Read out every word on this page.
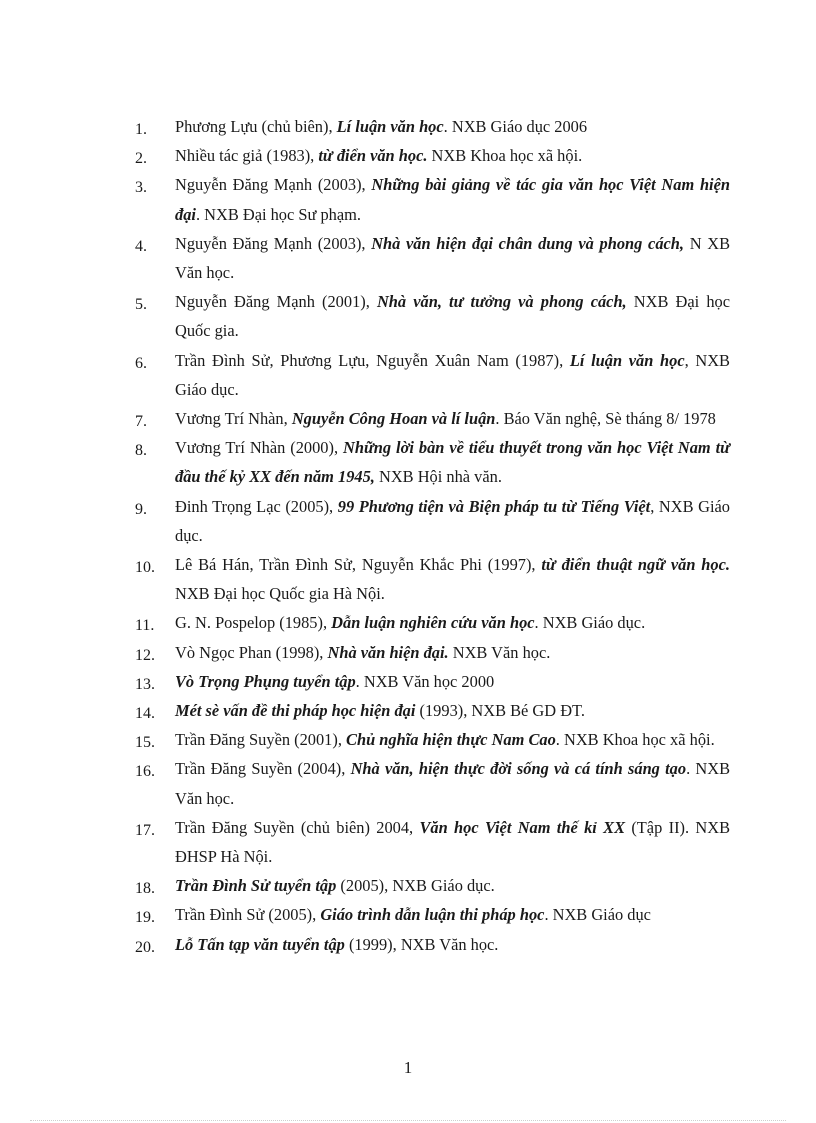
1. Phương Lựu (chủ biên), Lí luận văn học. NXB Giáo dục 2006
2. Nhiều tác giả (1983), từ điển văn học. NXB Khoa học xã hội.
3. Nguyễn Đăng Mạnh (2003), Những bài giảng về tác gia văn học Việt Nam hiện đại. NXB Đại học Sư phạm.
4. Nguyễn Đăng Mạnh (2003), Nhà văn hiện đại chân dung và phong cách, N XB Văn học.
5. Nguyễn Đăng Mạnh (2001), Nhà văn, tư tưởng và phong cách, NXB Đại học Quốc gia.
6. Trần Đình Sử, Phương Lựu, Nguyễn Xuân Nam (1987), Lí luận văn học, NXB Giáo dục.
7. Vương Trí Nhàn, Nguyễn Công Hoan và lí luận. Báo Văn nghệ, Sè tháng 8/ 1978
8. Vương Trí Nhàn (2000), Những lời bàn về tiểu thuyết trong văn học Việt Nam từ đầu thế kỷ XX đến năm 1945, NXB Hội nhà văn.
9. Đinh Trọng Lạc (2005), 99 Phương tiện và Biện pháp tu từ Tiếng Việt, NXB Giáo dục.
10. Lê Bá Hán, Trần Đình Sử, Nguyễn Khắc Phi (1997), từ điển thuật ngữ văn học. NXB Đại học Quốc gia Hà Nội.
11. G. N. Pospelop (1985), Dẫn luận nghiên cứu văn học. NXB Giáo dục.
12. Vò Ngọc Phan (1998), Nhà văn hiện đại. NXB Văn học.
13. Vò Trọng Phụng tuyển tập. NXB Văn học 2000
14. Mét sè vấn đề thi pháp học hiện đại (1993), NXB Bé GD ĐT.
15. Trần Đăng Suyền (2001), Chủ nghĩa hiện thực Nam Cao. NXB Khoa học xã hội.
16. Trần Đăng Suyền (2004), Nhà văn, hiện thực đời sống và cá tính sáng tạo. NXB Văn học.
17. Trần Đăng Suyền (chủ biên) 2004, Văn học Việt Nam thế kỉ XX (Tập II). NXB ĐHSP Hà Nội.
18. Trần Đình Sử tuyển tập (2005), NXB Giáo dục.
19. Trần Đình Sử (2005), Giáo trình dẫn luận thi pháp học. NXB Giáo dục
20. Lỗ Tấn tạp văn tuyển tập (1999), NXB Văn học.
1
